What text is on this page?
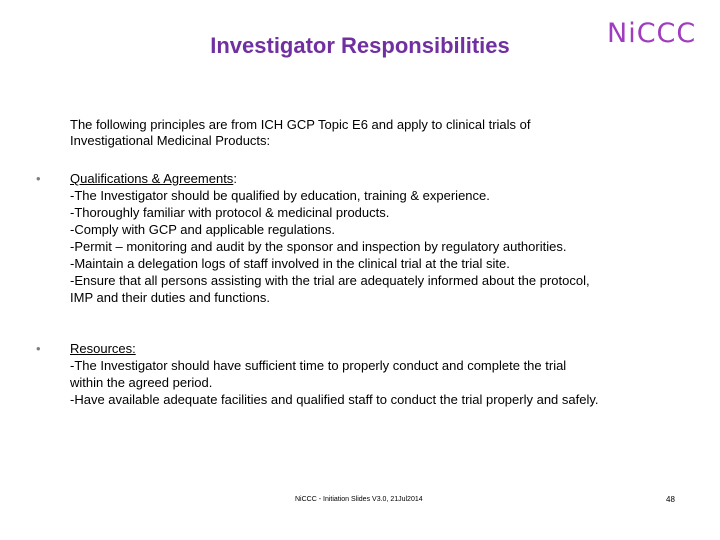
Investigator Responsibilities	NiCCC
The following principles are from ICH GCP Topic E6 and apply to clinical trials of
Investigational Medicinal Products:
• Qualifications & Agreements:
-The Investigator should be qualified by education, training & experience.
-Thoroughly familiar with protocol & medicinal products.
-Comply with GCP and applicable regulations.
-Permit – monitoring and audit by the sponsor and inspection by regulatory authorities.
-Maintain a delegation logs of staff involved in the clinical trial at the trial site.
-Ensure that all persons assisting with the trial are adequately informed about the protocol,
IMP and their duties and functions.
• Resources:
-The Investigator should have sufficient time to properly conduct and complete the trial
within the agreed period.
-Have available adequate facilities and qualified staff to conduct the trial properly and safely.
NiCCC - Initiation Slides V3.0, 21Jul2014	48
